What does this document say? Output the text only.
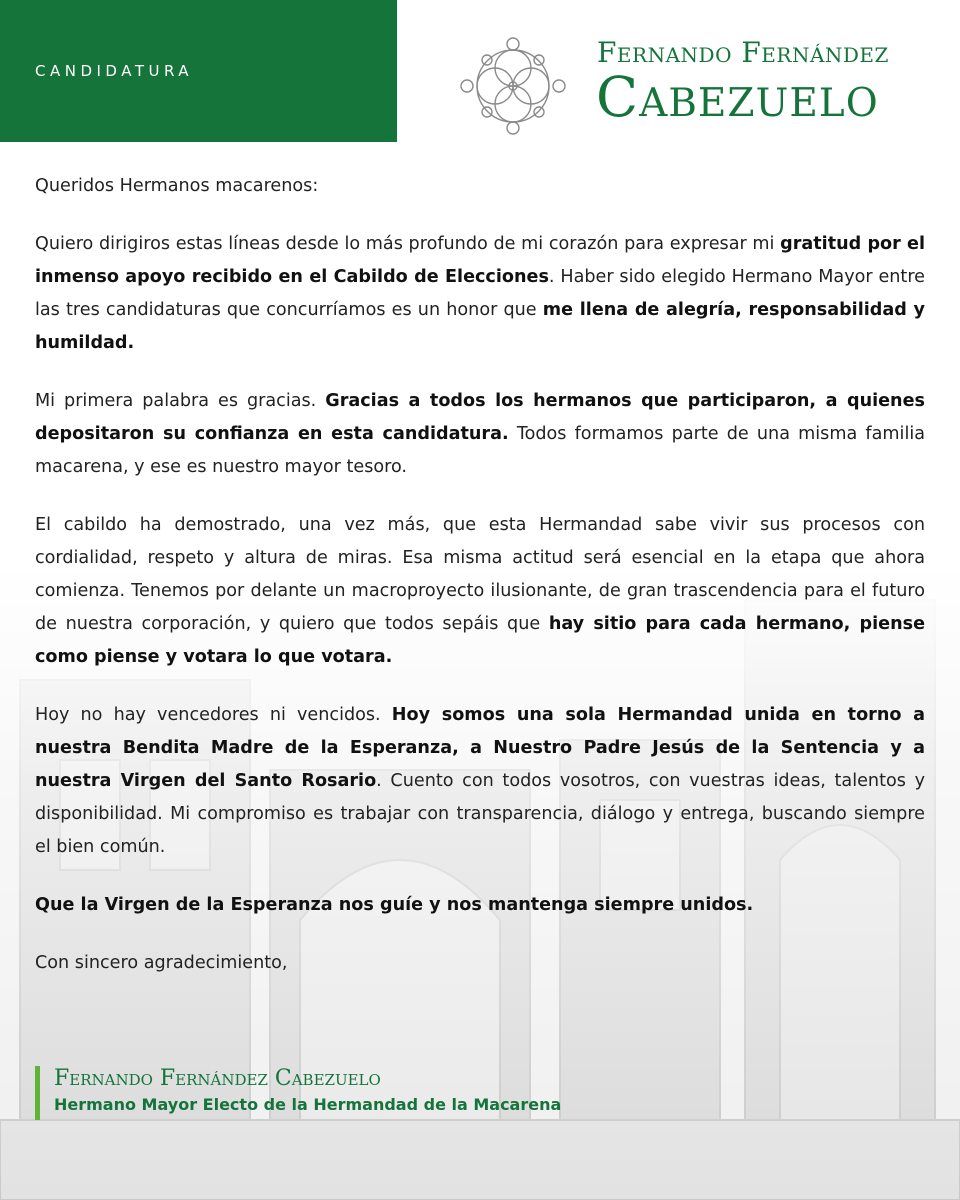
CANDIDATURA
Fernando Fernández
Cabezuelo

Queridos Hermanos macarenos:

Quiero dirigiros estas líneas desde lo más profundo de mi corazón para expresar mi gratitud por el inmenso apoyo recibido en el Cabildo de Elecciones. Haber sido elegido Hermano Mayor entre las tres candidaturas que concurríamos es un honor que me llena de alegría, responsabilidad y humildad.

Mi primera palabra es gracias. Gracias a todos los hermanos que participaron, a quienes depositaron su confianza en esta candidatura. Todos formamos parte de una misma familia macarena, y ese es nuestro mayor tesoro.

El cabildo ha demostrado, una vez más, que esta Hermandad sabe vivir sus procesos con cordialidad, respeto y altura de miras. Esa misma actitud será esencial en la etapa que ahora comienza. Tenemos por delante un macroproyecto ilusionante, de gran trascendencia para el futuro de nuestra corporación, y quiero que todos sepáis que hay sitio para cada hermano, piense como piense y votara lo que votara.

Hoy no hay vencedores ni vencidos. Hoy somos una sola Hermandad unida en torno a nuestra Bendita Madre de la Esperanza, a Nuestro Padre Jesús de la Sentencia y a nuestra Virgen del Santo Rosario. Cuento con todos vosotros, con vuestras ideas, talentos y disponibilidad. Mi compromiso es trabajar con transparencia, diálogo y entrega, buscando siempre el bien común.

Que la Virgen de la Esperanza nos guíe y nos mantenga siempre unidos.

Con sincero agradecimiento,

Fernando Fernández Cabezuelo
Hermano Mayor Electo de la Hermandad de la Macarena
